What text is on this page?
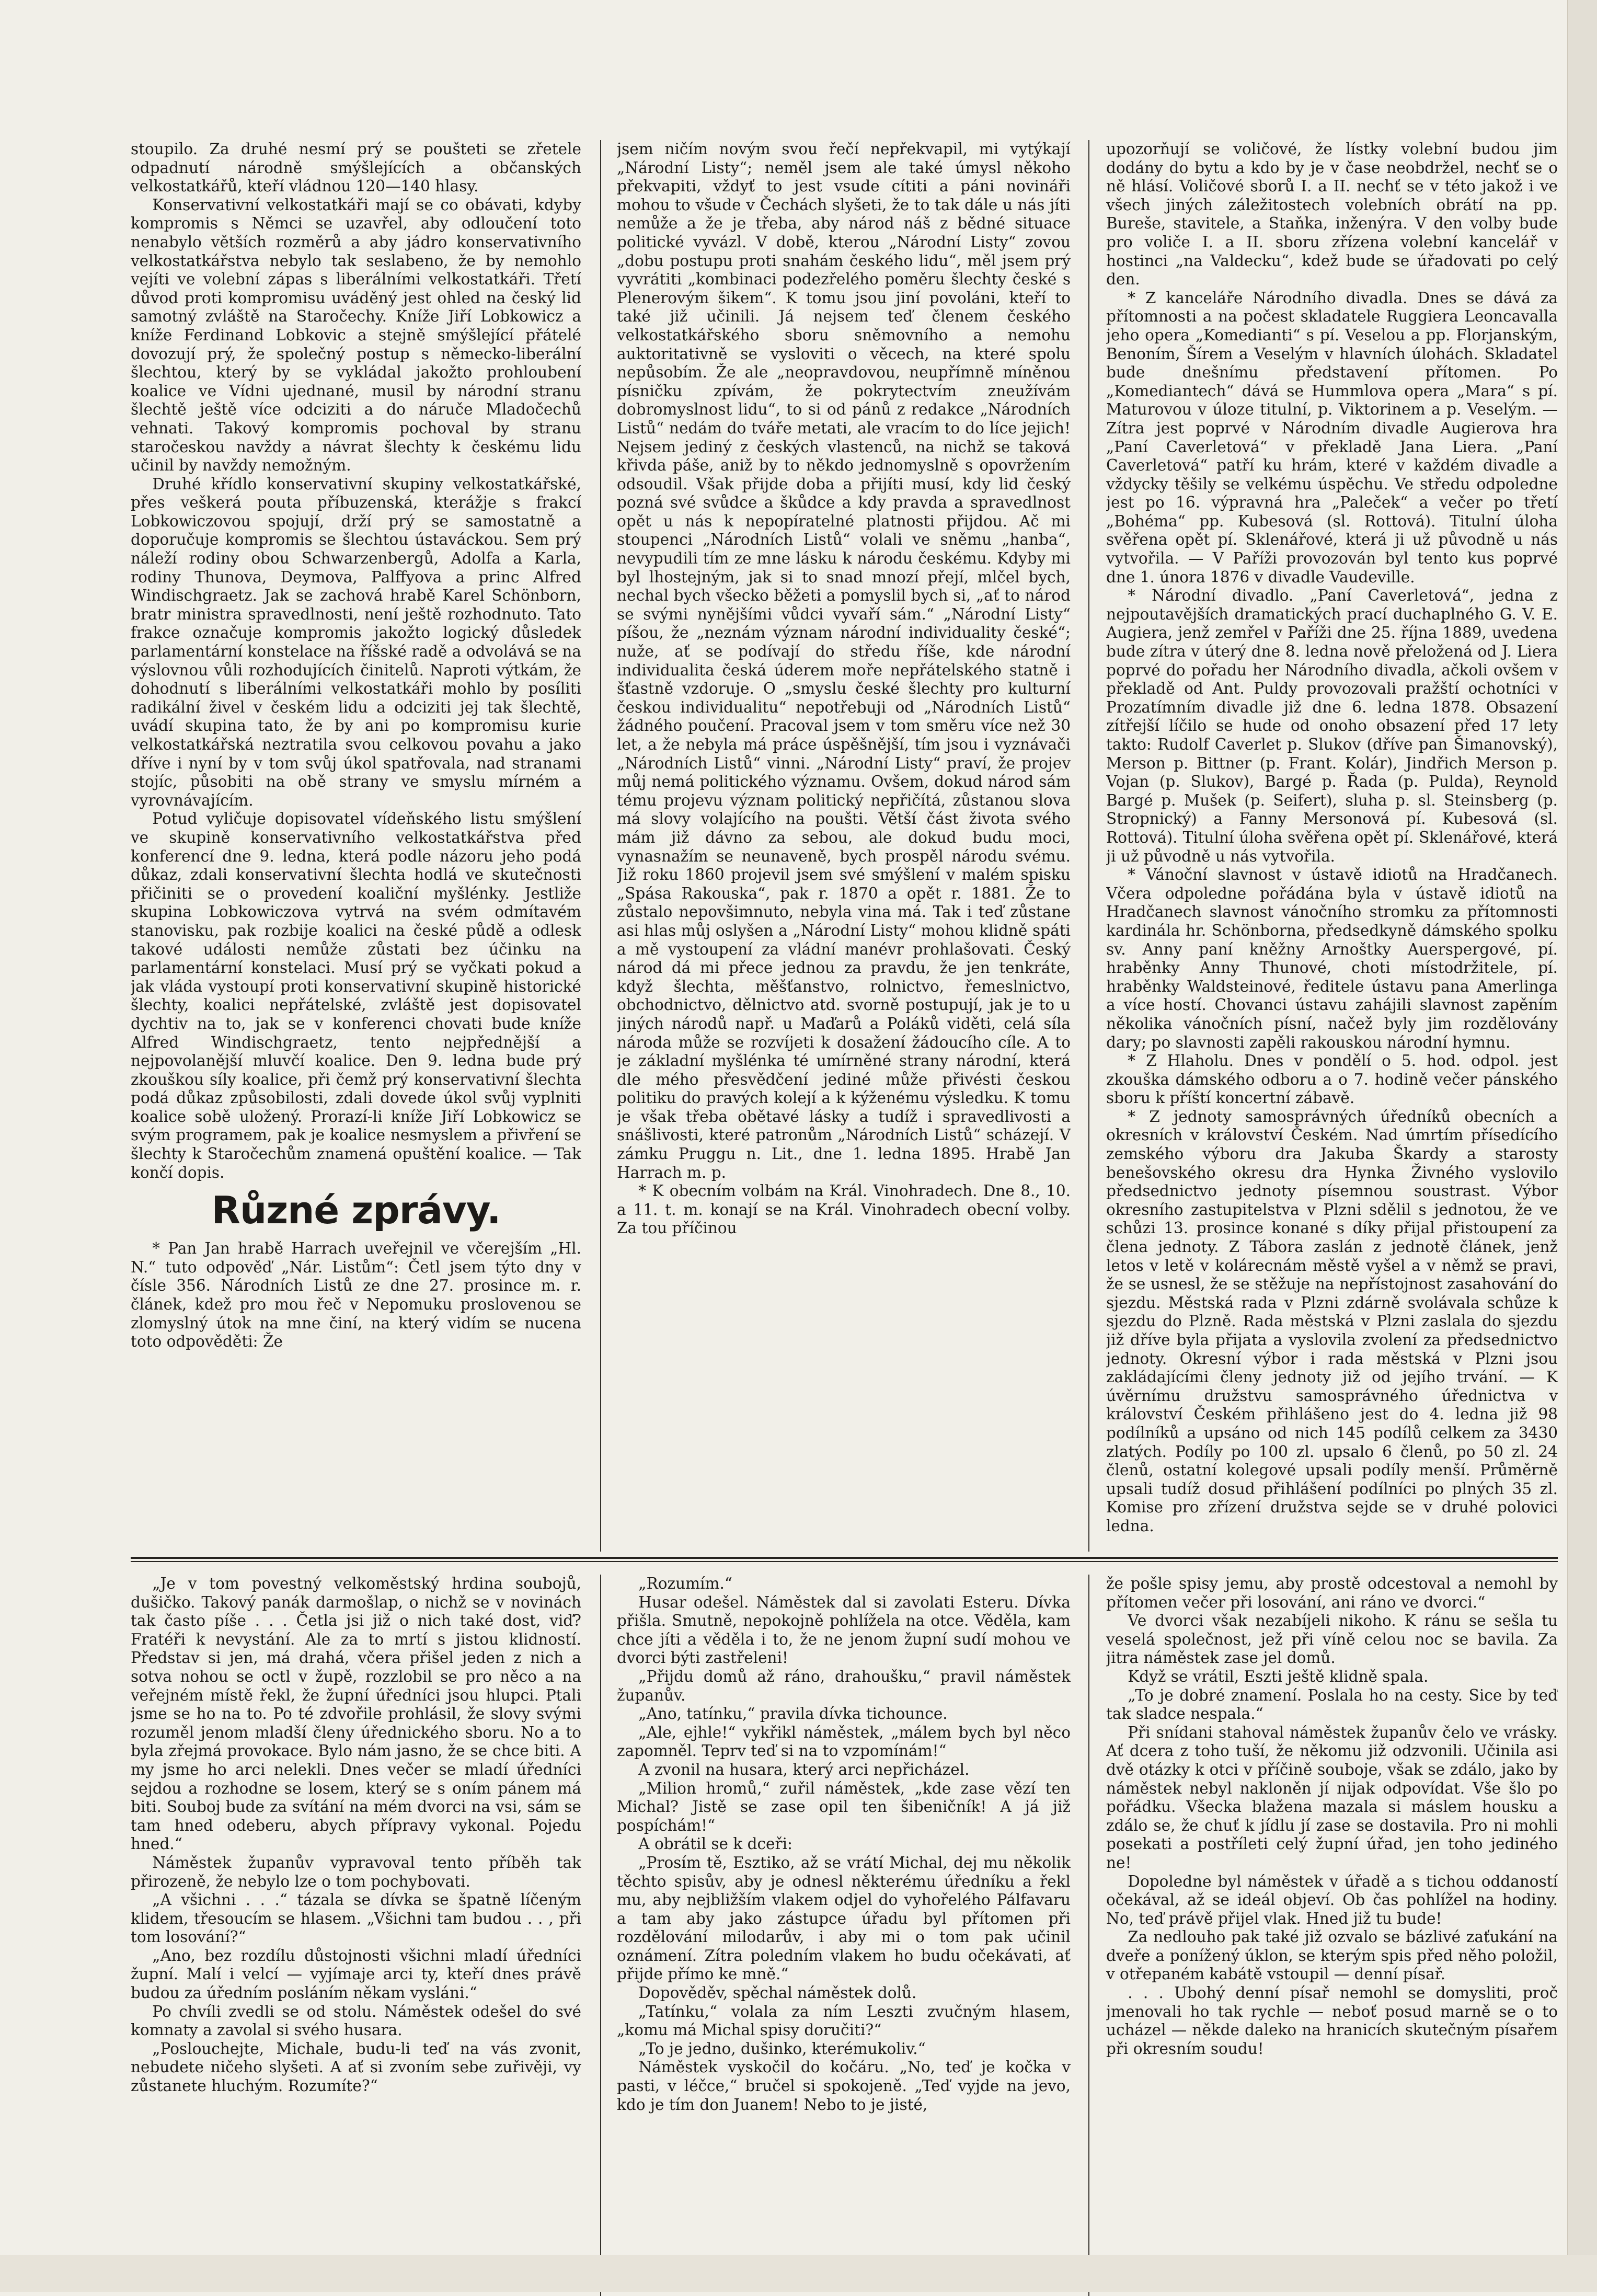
stoupilo. Za druhé nesmí prý se poušteti se zřetele odpadnutí národně smýšlejících a občanských velkostatkářů, kteří vládnou 120—140 hlasy.

Konservativní velkostatkáři mají se co obávati, kdyby kompromis s Němci se uzavřel, aby odloučení toto nenabylo větších rozměrů a aby jádro konservativního velkostatkářstva nebylo tak seslabeno, že by nemohlo vejíti ve volební zápas s liberálními velkostatkáři. Třetí důvod proti kompromisu uváděný jest ohled na český lid samotný zvláště na Staročechy. Kníže Jiří Lobkowicz a kníže Ferdinand Lobkovic a stejně smýšlející přátelé dovozují prý, že společný postup s německo-liberální šlechtou, který by se vykládal jakožto prohloubení koalice ve Vídni ujednané, musil by národní stranu šlechtě ještě více odciziti a do náruče Mladočechů vehnati. Takový kompromis pochoval by stranu staročeskou navždy a návrat šlechty k českému lidu učinil by navždy nemožným.

Druhé křídlo konservativní skupiny velkostatkářské, přes veškerá pouta příbuzenská, kterážje s frakcí Lobkowiczovou spojují, drží prý se samostatně a doporučuje kompromis se šlechtou ústaváckou. Sem prý náleží rodiny obou Schwarzenbergů, Adolfa a Karla, rodiny Thunova, Deymova, Palffyova a princ Alfred Windischgraetz. Jak se zachová hrabě Karel Schönborn, bratr ministra spravedlnosti, není ještě rozhodnuto. Tato frakce označuje kompromis jakožto logický důsledek parlamentární konstelace na říšské radě a odvolává se na výslovnou vůli rozhodujících činitelů. Naproti výtkám, že dohodnutí s liberálními velkostatkáři mohlo by posíliti radikální živel v českém lidu a odciziti jej tak šlechtě, uvádí skupina tato, že by ani po kompromisu kurie velkostatkářská neztratila svou celkovou povahu a jako dříve i nyní by v tom svůj úkol spatřovala, nad stranami stojíc, působiti na obě strany ve smyslu mírném a vyrovnávajícím.

Potud vyličuje dopisovatel vídeňského listu smýšlení ve skupině konservativního velkostatkářstva před konferencí dne 9. ledna, která podle názoru jeho podá důkaz, zdali konservativní šlechta hodlá ve skutečnosti přičiniti se o provedení koaliční myšlénky. Jestliže skupina Lobkowiczova vytrvá na svém odmítavém stanovisku, pak rozbije koalici na české půdě a odlesk takové události nemůže zůstati bez účinku na parlamentární konstelaci. Musí prý se vyčkati pokud a jak vláda vystoupí proti konservativní skupině historické šlechty, koalici nepřátelské, zvláště jest dopisovatel dychtiv na to, jak se v konferenci chovati bude kníže Alfred Windischgraetz, tento nejpřednější a nejpovolanější mluvčí koalice. Den 9. ledna bude prý zkouškou síly koalice, při čemž prý konservativní šlechta podá důkaz způsobilosti, zdali dovede úkol svůj vyplniti koalice sobě uložený. Prorazí-li kníže Jiří Lobkowicz se svým programem, pak je koalice nesmyslem a přivření se šlechty k Staročechům znamená opuštění koalice. — Tak končí dopis.

Různé zprávy.

* Pan Jan hrabě Harrach uveřejnil ve včerejším „Hl. N.“ tuto odpověď „Nár. Listům“: Četl jsem týto dny v čísle 356. Národních Listů ze dne 27. prosince m. r. článek, kdež pro mou řeč v Nepomuku proslovenou se zlomyslný útok na mne činí, na který vidím se nucena toto odpověděti: Že

jsem ničím novým svou řečí nepřekvapil, mi vytýkají „Národní Listy“; neměl jsem ale také úmysl někoho překvapiti, vždyť to jest vsude cítiti a páni novináři mohou to všude v Čechách slyšeti, že to tak dále u nás jíti nemůže a že je třeba, aby národ náš z bědné situace politické vyvázl. V době, kterou „Národní Listy“ zovou „dobu postupu proti snahám českého lidu“, měl jsem prý vyvrátiti „kombinaci podezřelého poměru šlechty české s Plenerovým šikem“. K tomu jsou jiní povoláni, kteří to také již učinili. Já nejsem teď členem českého velkostatkářského sboru sněmovního a nemohu auktoritativně se vysloviti o věcech, na které spolu nepůsobím. Že ale „neopravdovou, neupřímně míněnou písničku zpívám, že pokrytectvím zneužívám dobromyslnost lidu“, to si od pánů z redakce „Národních Listů“ nedám do tváře metati, ale vracím to do líce jejich! Nejsem jediný z českých vlastenců, na nichž se taková křivda páše, aniž by to někdo jednomyslně s opovržením odsoudil. Však přijde doba a přijíti musí, kdy lid český pozná své svůdce a škůdce a kdy pravda a spravedlnost opět u nás k nepopíratelné platnosti přijdou. Ač mi stoupenci „Národních Listů“ volali ve sněmu „hanba“, nevypudili tím ze mne lásku k národu českému. Kdyby mi byl lhostejným, jak si to snad mnozí přejí, mlčel bych, nechal bych všecko běžeti a pomyslil bych si, „ať to národ se svými nynějšími vůdci vyvaří sám.“ „Národní Listy“ píšou, že „neznám význam národní individuality české“; nuže, ať se podívají do středu říše, kde národní individualita česká úderem moře nepřátelského statně i šťastně vzdoruje. O „smyslu české šlechty pro kulturní českou individualitu“ nepotřebuji od „Národních Listů“ žádného poučení. Pracoval jsem v tom směru více než 30 let, a že nebyla má práce úspěšnější, tím jsou i vyznávači „Národních Listů“ vinni. „Národní Listy“ praví, že projev můj nemá politického významu. Ovšem, dokud národ sám tému projevu význam politický nepřičítá, zůstanou slova má slovy volajícího na poušti. Větší část života svého mám již dávno za sebou, ale dokud budu moci, vynasnažím se neunaveně, bych prospěl národu svému. Již roku 1860 projevil jsem své smýšlení v malém spisku „Spása Rakouska“, pak r. 1870 a opět r. 1881. Že to zůstalo nepovšimnuto, nebyla vina má. Tak i teď zůstane asi hlas můj oslyšen a „Národní Listy“ mohou klidně spáti a mě vystoupení za vládní manévr prohlašovati. Český národ dá mi přece jednou za pravdu, že jen tenkráte, když šlechta, měšťanstvo, rolnictvo, řemeslnictvo, obchodnictvo, dělnictvo atd. svorně postupují, jak je to u jiných národů např. u Maďarů a Poláků viděti, celá síla národa může se rozvíjeti k dosažení žádoucího cíle. A to je základní myšlénka té umírněné strany národní, která dle mého přesvědčení jediné může přivésti českou politiku do pravých kolejí a k kýženému výsledku. K tomu je však třeba obětavé lásky a tudíž i spravedlivosti a snášlivosti, které patronům „Národních Listů“ scházejí. V zámku Pruggu n. Lit., dne 1. ledna 1895. Hrabě Jan Harrach m. p.

* K obecním volbám na Král. Vinohradech. Dne 8., 10. a 11. t. m. konají se na Král. Vinohradech obecní volby. Za tou příčinou

upozorňují se voličové, že lístky volební budou jim dodány do bytu a kdo by je v čase neobdržel, nechť se o ně hlásí. Voličové sborů I. a II. nechť se v této jakož i ve všech jiných záležitostech volebních obrátí na pp. Bureše, stavitele, a Staňka, inženýra. V den volby bude pro voliče I. a II. sboru zřízena volební kancelář v hostinci „na Valdecku“, kdež bude se úřadovati po celý den.

* Z kanceláře Národního divadla. Dnes se dává za přítomnosti a na počest skladatele Ruggiera Leoncavalla jeho opera „Komedianti“ s pí. Veselou a pp. Florjanským, Benoním, Šírem a Veselým v hlavních úlohách. Skladatel bude dnešnímu představení přítomen. Po „Komediantech“ dává se Hummlova opera „Mara“ s pí. Maturovou v úloze titulní, p. Viktorinem a p. Veselým. — Zítra jest poprvé v Národním divadle Augierova hra „Paní Caverletová“ v překladě Jana Liera. „Paní Caverletová“ patří ku hrám, které v každém divadle a vždycky těšily se velkému úspěchu. Ve středu odpoledne jest po 16. výpravná hra „Paleček“ a večer po třetí „Bohéma“ pp. Kubesová (sl. Rottová). Titulní úloha svěřena opět pí. Sklenářové, která ji už původně u nás vytvořila. — V Paříži provozován byl tento kus poprvé dne 1. února 1876 v divadle Vaudeville.

* Národní divadlo. „Paní Caverletová“, jedna z nejpoutavějších dramatických prací duchaplného G. V. E. Augiera, jenž zemřel v Paříži dne 25. října 1889, uvedena bude zítra v úterý dne 8. ledna nově přeložená od J. Liera poprvé do pořadu her Národního divadla, ačkoli ovšem v překladě od Ant. Puldy provozovali pražští ochotníci v Prozatímním divadle již dne 6. ledna 1878. Obsazení zítřejší líčilo se hude od onoho obsazení před 17 lety takto: Rudolf Caverlet p. Slukov (dříve pan Šimanovský), Merson p. Bittner (p. Frant. Kolár), Jindřich Merson p. Vojan (p. Slukov), Bargé p. Řada (p. Pulda), Reynold Bargé p. Mušek (p. Seifert), sluha p. sl. Steinsberg (p. Stropnický) a Fanny Mersonová pí. Kubesová (sl. Rottová). Titulní úloha svěřena opět pí. Sklenářové, která ji už původně u nás vytvořila.

* Vánoční slavnost v ústavě idiotů na Hradčanech. Včera odpoledne pořádána byla v ústavě idiotů na Hradčanech slavnost vánočního stromku za přítomnosti kardinála hr. Schönborna, předsedkyně dámského spolku sv. Anny paní kněžny Arnoštky Auerspergové, pí. hraběnky Anny Thunové, choti místodržitele, pí. hraběnky Waldsteinové, ředitele ústavu pana Amerlinga a více hostí. Chovanci ústavu zahájili slavnost zapěním několika vánočních písní, načež byly jim rozdělovány dary; po slavnosti zapěli rakouskou národní hymnu.

* Z Hlaholu. Dnes v pondělí o 5. hod. odpol. jest zkouška dámského odboru a o 7. hodině večer pánského sboru k příští koncertní zábavě.

* Z jednoty samosprávných úředníků obecních a okresních v království Českém. Nad úmrtím přísedícího zemského výboru dra Jakuba Škardy a starosty benešovského okresu dra Hynka Živného vyslovilo předsednictvo jednoty písemnou soustrast. Výbor okresního zastupitelstva v Plzni sdělil s jednotou, že ve schůzi 13. prosince konané s díky přijal přistoupení za člena jednoty. Z Tábora zaslán z jednotě článek, jenž letos v letě v kolárecnám městě vyšel a v němž se pravi, že se usnesl, že se stěžuje na nepřístojnost zasahování do sjezdu. Městská rada v Plzni zdárně svolávala schůze k sjezdu do Plzně. Rada městská v Plzni zaslala do sjezdu již dříve byla přijata a vyslovila zvolení za předsednictvo jednoty. Okresní výbor i rada městská v Plzni jsou zakládajícími členy jednoty již od jejího trvání. — K úvěrnímu družstvu samosprávného úřednictva v království Českém přihlášeno jest do 4. ledna již 98 podílníků a upsáno od nich 145 podílů celkem za 3430 zlatých. Podíly po 100 zl. upsalo 6 členů, po 50 zl. 24 členů, ostatní kolegové upsali podíly menší. Průměrně upsali tudíž dosud přihlášení podílníci po plných 35 zl. Komise pro zřízení družstva sejde se v druhé polovici ledna.

„Je v tom povestný velkoměstský hrdina soubojů, dušičko. Takový panák darmošlap, o nichž se v novinách tak často píše . . . Četla jsi již o nich také dost, viď? Fratéři k nevystání. Ale za to mrtí s jistou klidností. Představ si jen, má drahá, včera přišel jeden z nich a sotva nohou se octl v župě, rozzlobil se pro něco a na veřejném místě řekl, že župní úředníci jsou hlupci. Ptali jsme se ho na to. Po té zdvořile prohlásil, že slovy svými rozuměl jenom mladší členy úřednického sboru. No a to byla zřejmá provokace. Bylo nám jasno, že se chce biti. A my jsme ho arci nelekli. Dnes večer se mladí úředníci sejdou a rozhodne se losem, který se s oním pánem má biti. Souboj bude za svítání na mém dvorci na vsi, sám se tam hned odeberu, abych přípravy vykonal. Pojedu hned.“

Náměstek županův vypravoval tento příběh tak přirozeně, že nebylo lze o tom pochybovati.

„A všichni . . .“ tázala se dívka se špatně líčeným klidem, třesoucím se hlasem. „Všichni tam budou . . , při tom losování?“

„Ano, bez rozdílu důstojnosti všichni mladí úředníci župní. Malí i velcí — vyjímaje arci ty, kteří dnes právě budou za úředním posláním někam vysláni.“

Po chvíli zvedli se od stolu. Náměstek odešel do své komnaty a zavolal si svého husara.

„Poslouchejte, Michale, budu-li teď na vás zvonit, nebudete ničeho slyšeti. A ať si zvoním sebe zuřivěji, vy zůstanete hluchým. Rozumíte?“

„Rozumím.“

Husar odešel. Náměstek dal si zavolati Esteru. Dívka přišla. Smutně, nepokojně pohlížela na otce. Věděla, kam chce jíti a věděla i to, že ne jenom župní sudí mohou ve dvorci býti zastřeleni!

„Přijdu domů až ráno, drahoušku,“ pravil náměstek županův.

„Ano, tatínku,“ pravila dívka tichounce.

„Ale, ejhle!“ vykřikl náměstek, „málem bych byl něco zapomněl. Teprv teď si na to vzpomínám!“

A zvonil na husara, který arci nepřicházel.

„Milion hromů,“ zuřil náměstek, „kde zase vězí ten Michal? Jistě se zase opil ten šibeničník! A já již pospíchám!“

A obrátil se k dceři:

„Prosím tě, Esztiko, až se vrátí Michal, dej mu několik těchto spisův, aby je odnesl některému úředníku a řekl mu, aby nejbližším vlakem odjel do vyhořelého Pálfavaru a tam aby jako zástupce úřadu byl přítomen při rozdělování milodarův, i aby mi o tom pak učinil oznámení. Zítra poledním vlakem ho budu očekávati, ať přijde přímo ke mně.“

Dopověděv, spěchal náměstek dolů.

„Tatínku,“ volala za ním Leszti zvučným hlasem, „komu má Michal spisy doručiti?“

„To je jedno, dušinko, kterémukoliv.“

Náměstek vyskočil do kočáru. „No, teď je kočka v pasti, v léčce,“ bručel si spokojeně. „Teď vyjde na jevo, kdo je tím don Juanem! Nebo to je jisté,

že pošle spisy jemu, aby prostě odcestoval a nemohl by přítomen večer při losování, ani ráno ve dvorci.“

Ve dvorci však nezabíjeli nikoho. K ránu se sešla tu veselá společnost, jež při víně celou noc se bavila. Za jitra náměstek zase jel domů.

Když se vrátil, Eszti ještě klidně spala.

„To je dobré znamení. Poslala ho na cesty. Sice by teď tak sladce nespala.“

Při snídani stahoval náměstek županův čelo ve vrásky. Ať dcera z toho tuší, že někomu již odzvonili. Učinila asi dvě otázky k otci v příčině souboje, však se zdálo, jako by náměstek nebyl nakloněn jí nijak odpovídat. Vše šlo po pořádku. Všecka blažena mazala si máslem housku a zdálo se, že chuť k jídlu jí zase se dostavila. Pro ni mohli posekati a postříleti celý župní úřad, jen toho jediného ne!

Dopoledne byl náměstek v úřadě a s tichou oddaností očekával, až se ideál objeví. Ob čas pohlížel na hodiny. No, teď právě přijel vlak. Hned již tu bude!

Za nedlouho pak také již ozvalo se bázlivé zaťukání na dveře a ponížený úklon, se kterým spis před něho položil, v otřepaném kabátě vstoupil — denní písař.

. . . Ubohý denní písař nemohl se domysliti, proč jmenovali ho tak rychle — neboť posud marně se o to ucházel — někde daleko na hranicích skutečným písařem při okresním soudu!
